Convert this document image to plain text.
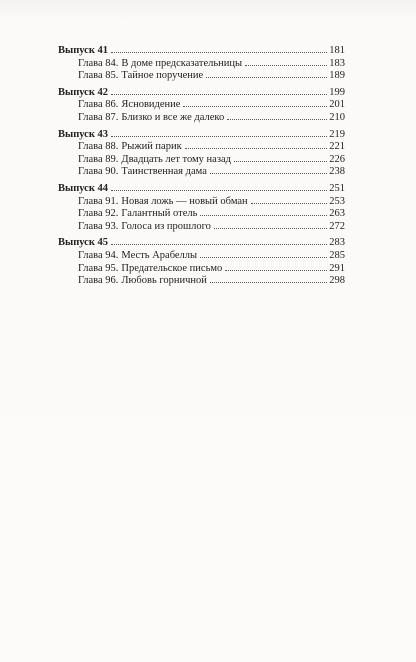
Выпуск 41	181
Глава 84. В доме предсказательницы	183
Глава 85. Тайное поручение	189
Выпуск 42	199
Глава 86. Ясновидение	201
Глава 87. Близко и все же далеко	210
Выпуск 43	219
Глава 88. Рыжий парик	221
Глава 89. Двадцать лет тому назад	226
Глава 90. Таинственная дама	238
Выпуск 44	251
Глава 91. Новая ложь — новый обман	253
Глава 92. Галантный отель	263
Глава 93. Голоса из прошлого	272
Выпуск 45	283
Глава 94. Месть Арабеллы	285
Глава 95. Предательское письмо	291
Глава 96. Любовь горничной	298
